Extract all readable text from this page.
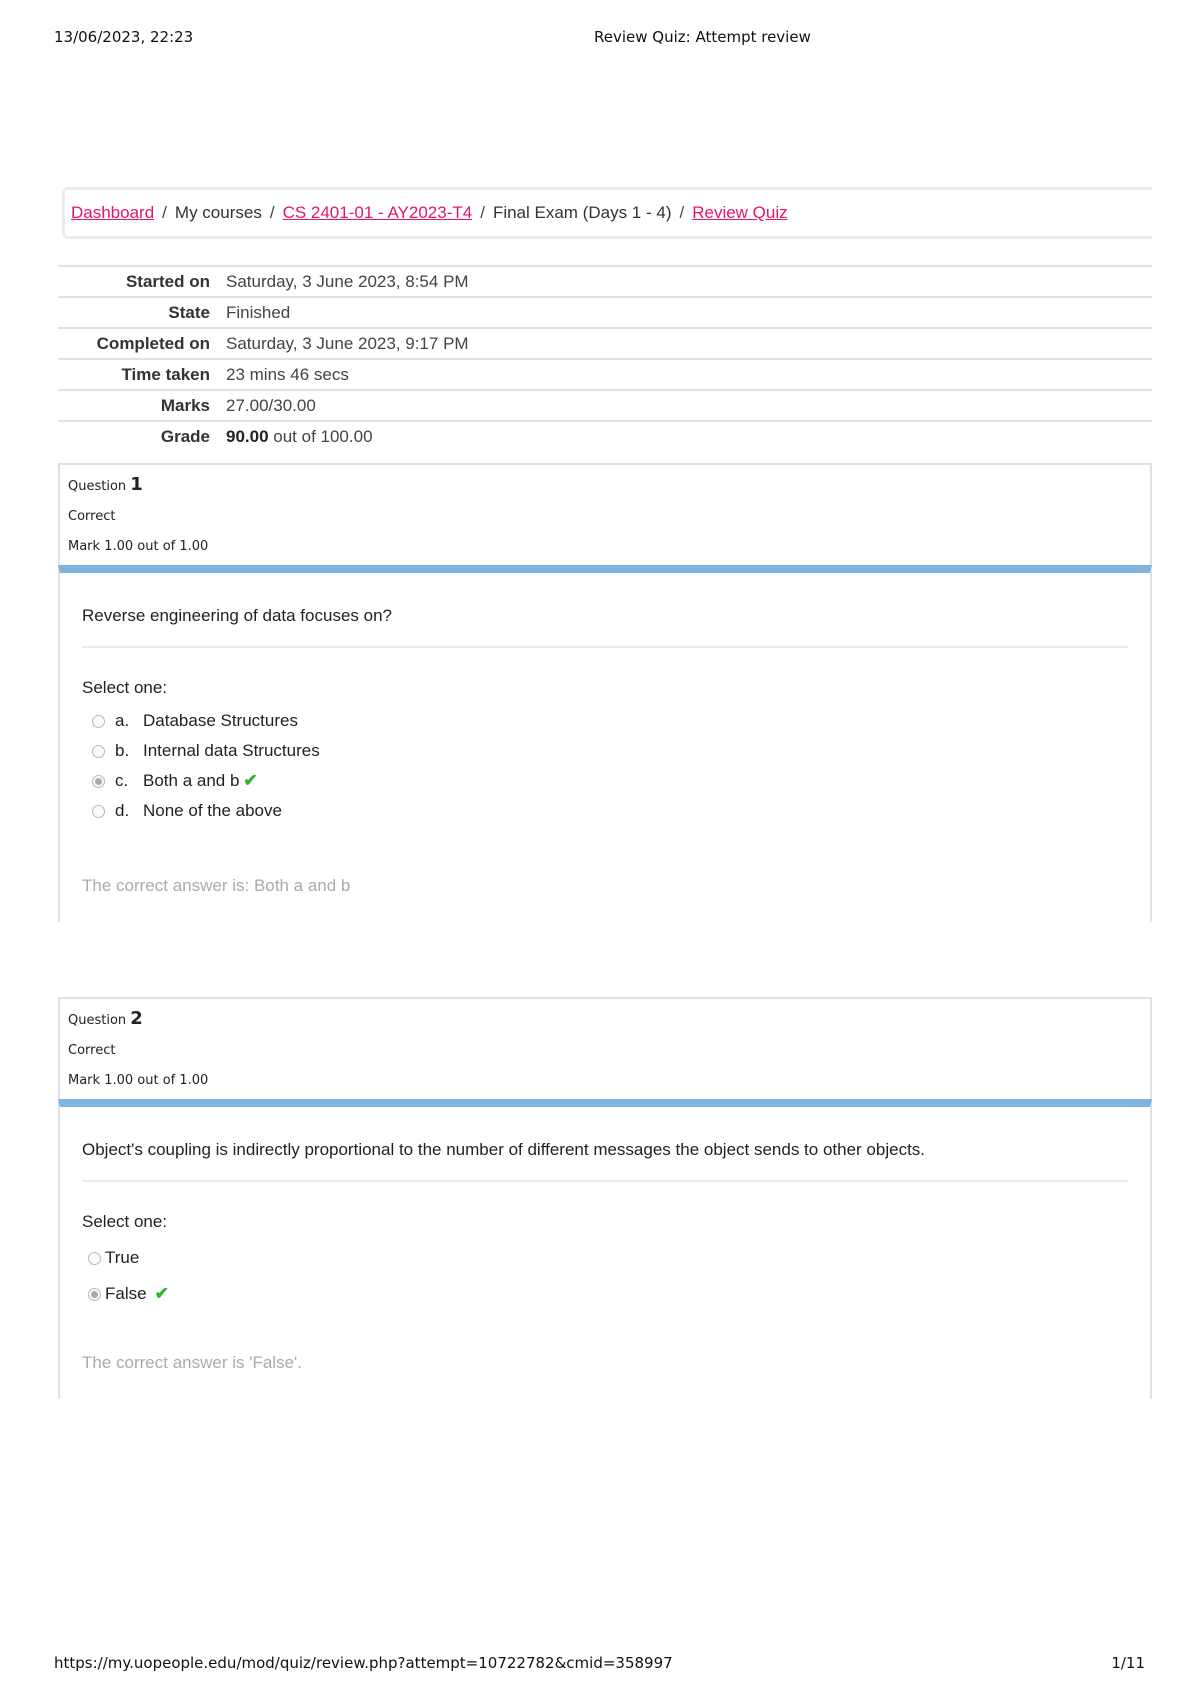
13/06/2023, 22:23	Review Quiz: Attempt review
Dashboard / My courses / CS 2401-01 - AY2023-T4 / Final Exam (Days 1 - 4) / Review Quiz
Started on Saturday, 3 June 2023, 8:54 PM
State Finished
Completed on Saturday, 3 June 2023, 9:17 PM
Time taken 23 mins 46 secs
Marks 27.00/30.00
Grade 90.00 out of 100.00
Question 1
Correct
Mark 1.00 out of 1.00
Reverse engineering of data focuses on?
Select one:
a. Database Structures
b. Internal data Structures
c. Both a and b ✔
d. None of the above
The correct answer is: Both a and b
Question 2
Correct
Mark 1.00 out of 1.00
Object's coupling is indirectly proportional to the number of different messages the object sends to other objects.
Select one:
True
False ✔
The correct answer is 'False'.
https://my.uopeople.edu/mod/quiz/review.php?attempt=10722782&cmid=358997	1/11
